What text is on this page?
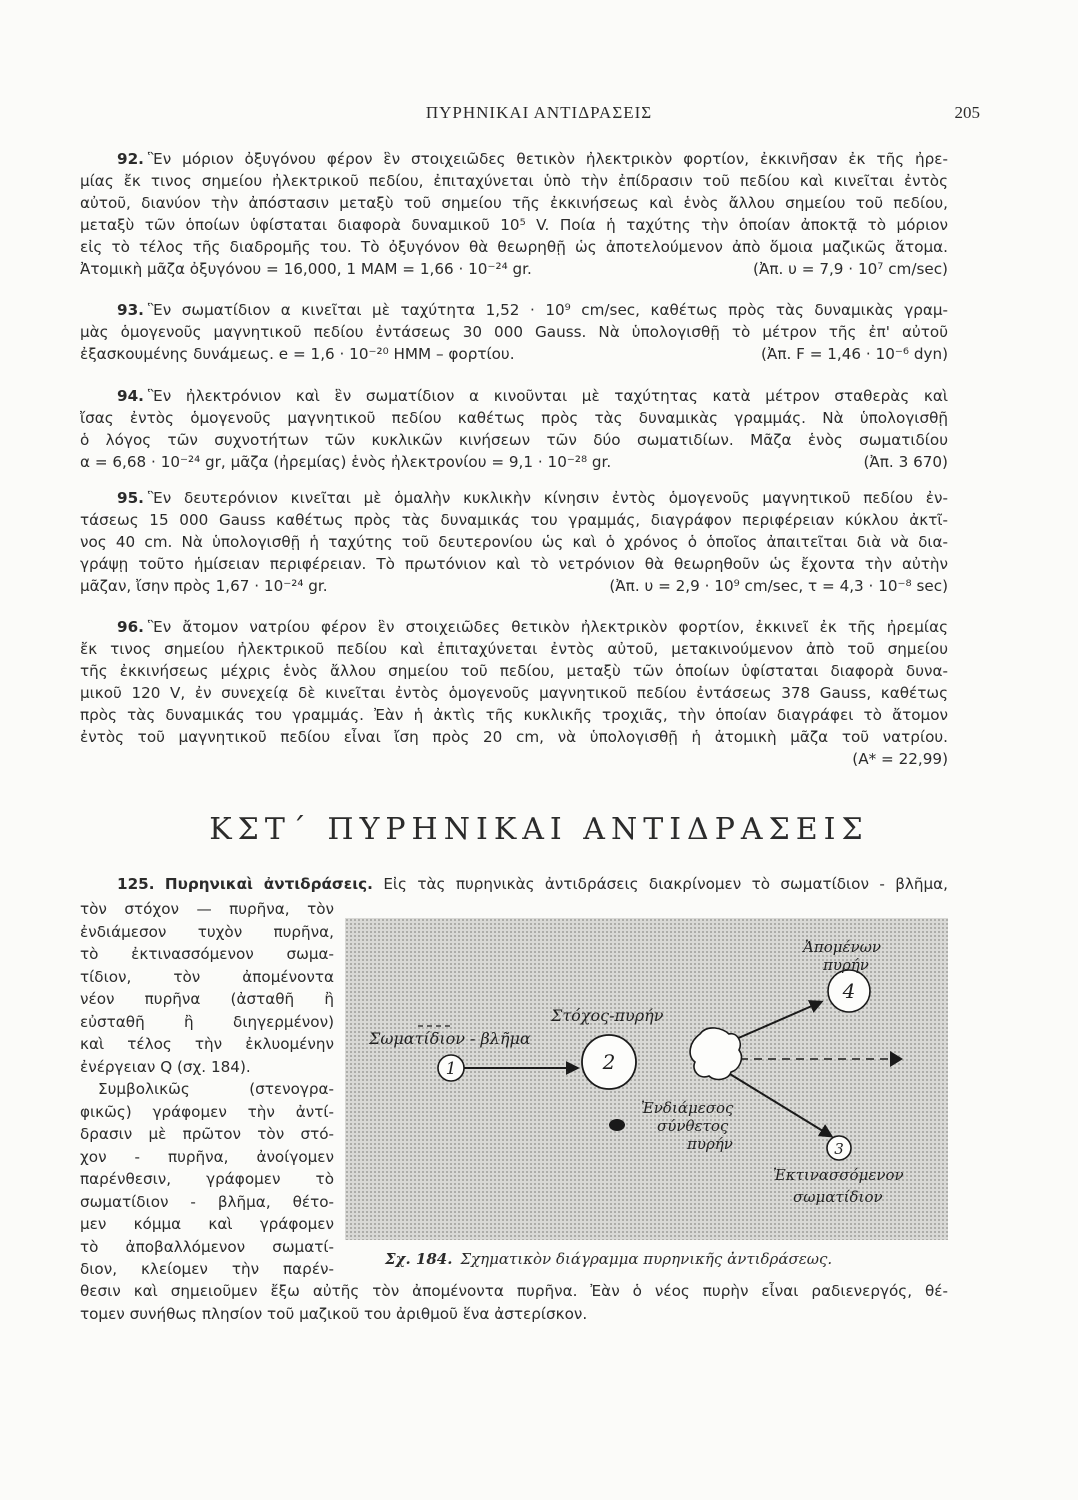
ΠΥΡΗΝΙΚΑΙ ΑΝΤΙΔΡΑΣΕΙΣ	205
92. Ἓν μόριον ὀξυγόνου φέρον ἓν στοιχειῶδες θετικὸν ἠλεκτρικὸν φορτίον, ἐκκινῆσαν ἐκ τῆς ἠρε-
μίας ἔκ τινος σημείου ἠλεκτρικοῦ πεδίου, ἐπιταχύνεται ὑπὸ τὴν ἐπίδρασιν τοῦ πεδίου καὶ κινεῖται ἐντὸς
αὐτοῦ, διανύον τὴν ἀπόστασιν μεταξὺ τοῦ σημείου τῆς ἐκκινήσεως καὶ ἑνὸς ἄλλου σημείου τοῦ πεδίου,
μεταξὺ τῶν ὁποίων ὑφίσταται διαφορὰ δυναμικοῦ 10⁵ V. Ποία ἡ ταχύτης τὴν ὁποίαν ἀποκτᾷ τὸ μόριον
εἰς τὸ τέλος τῆς διαδρομῆς του. Τὸ ὀξυγόνον θὰ θεωρηθῇ ὡς ἀποτελούμενον ἀπὸ ὅμοια μαζικῶς ἄτομα.
Ἀτομικὴ μᾶζα ὀξυγόνου = 16,000, 1 ΜΑΜ = 1,66 · 10⁻²⁴ gr.	(Ἀπ. υ = 7,9 · 10⁷ cm/sec)
93. Ἓν σωματίδιον α κινεῖται μὲ ταχύτητα 1,52 · 10⁹ cm/sec, καθέτως πρὸς τὰς δυναμικὰς γραμ-
μὰς ὁμογενοῦς μαγνητικοῦ πεδίου ἐντάσεως 30 000 Gauss. Νὰ ὑπολογισθῇ τὸ μέτρον τῆς ἐπ' αὐτοῦ
ἐξασκουμένης δυνάμεως. e = 1,6 · 10⁻²⁰ ΗΜΜ – φορτίου.	(Ἀπ. F = 1,46 · 10⁻⁶ dyn)
94. Ἓν ἠλεκτρόνιον καὶ ἓν σωματίδιον α κινοῦνται μὲ ταχύτητας κατὰ μέτρον σταθερὰς καὶ
ἴσας ἐντὸς ὁμογενοῦς μαγνητικοῦ πεδίου καθέτως πρὸς τὰς δυναμικὰς γραμμάς. Νὰ ὑπολογισθῇ
ὁ λόγος τῶν συχνοτήτων τῶν κυκλικῶν κινήσεων τῶν δύο σωματιδίων. Μᾶζα ἑνὸς σωματιδίου
α = 6,68 · 10⁻²⁴ gr, μᾶζα (ἠρεμίας) ἑνὸς ἠλεκτρονίου = 9,1 · 10⁻²⁸ gr.	(Ἀπ. 3 670)
95. Ἓν δευτερόνιον κινεῖται μὲ ὁμαλὴν κυκλικὴν κίνησιν ἐντὸς ὁμογενοῦς μαγνητικοῦ πεδίου ἐν-
τάσεως 15 000 Gauss καθέτως πρὸς τὰς δυναμικάς του γραμμάς, διαγράφον περιφέρειαν κύκλου ἀκτῖ-
νος 40 cm. Νὰ ὑπολογισθῇ ἡ ταχύτης τοῦ δευτερονίου ὡς καὶ ὁ χρόνος ὁ ὁποῖος ἀπαιτεῖται διὰ νὰ δια-
γράψῃ τοῦτο ἡμίσειαν περιφέρειαν. Τὸ πρωτόνιον καὶ τὸ νετρόνιον θὰ θεωρηθοῦν ὡς ἔχοντα τὴν αὐτὴν
μᾶζαν, ἴσην πρὸς 1,67 · 10⁻²⁴ gr.	(Ἀπ. υ = 2,9 · 10⁹ cm/sec, τ = 4,3 · 10⁻⁸ sec)
96. Ἓν ἄτομον νατρίου φέρον ἓν στοιχειῶδες θετικὸν ἠλεκτρικὸν φορτίον, ἐκκινεῖ ἐκ τῆς ἠρεμίας
ἔκ τινος σημείου ἠλεκτρικοῦ πεδίου καὶ ἐπιταχύνεται ἐντὸς αὐτοῦ, μετακινούμενον ἀπὸ τοῦ σημείου
τῆς ἐκκινήσεως μέχρις ἑνὸς ἄλλου σημείου τοῦ πεδίου, μεταξὺ τῶν ὁποίων ὑφίσταται διαφορὰ δυνα-
μικοῦ 120 V, ἐν συνεχείᾳ δὲ κινεῖται ἐντὸς ὁμογενοῦς μαγνητικοῦ πεδίου ἐντάσεως 378 Gauss, καθέτως
πρὸς τὰς δυναμικάς του γραμμάς. Ἐὰν ἡ ἀκτὶς τῆς κυκλικῆς τροχιᾶς, τὴν ὁποίαν διαγράφει τὸ ἄτομον
ἐντὸς τοῦ μαγνητικοῦ πεδίου εἶναι ἴση πρὸς 20 cm, νὰ ὑπολογισθῇ ἡ ἀτομικὴ μᾶζα τοῦ νατρίου.
(Α* = 22,99)
ΚΣΤ΄ ΠΥΡΗΝΙΚΑΙ ΑΝΤΙΔΡΑΣΕΙΣ
125. Πυρηνικαὶ ἀντιδράσεις. Εἰς τὰς πυρηνικὰς ἀντιδράσεις διακρίνομεν τὸ σωματίδιον - βλῆμα,
τὸν στόχον — πυρῆνα, τὸν
ἐνδιάμεσον τυχὸν πυρῆνα,
τὸ ἐκτινασσόμενον σωμα-
τίδιον, τὸν ἀπομένοντα
νέον πυρῆνα (ἀσταθῆ ἢ
εὐσταθῆ ἢ διηγερμένον)
καὶ τέλος τὴν ἐκλυομένην
ἐνέργειαν Q (σχ. 184).
Συμβολικῶς (στενογρα-
φικῶς) γράφομεν τὴν ἀντί-
δρασιν μὲ πρῶτον τὸν στό-
χον - πυρῆνα, ἀνοίγομεν
παρένθεσιν, γράφομεν τὸ
σωματίδιον - βλῆμα, θέτο-
μεν κόμμα καὶ γράφομεν
τὸ ἀποβαλλόμενον σωματί-
διον, κλείομεν τὴν παρέν-
1	2
4
3
Σωματίδιον - βλῆμα
Στόχος-πυρήν
Ἀπομένων
πυρήν
Ἐνδιάμεσος
σύνθετος
πυρήν
Ἐκτινασσόμενον
σωματίδιον
Σχ. 184. Σχηματικὸν διάγραμμα πυρηνικῆς ἀντιδράσεως.
θεσιν καὶ σημειοῦμεν ἔξω αὐτῆς τὸν ἀπομένοντα πυρῆνα. Ἐὰν ὁ νέος πυρὴν εἶναι ραδιενεργός, θέ-
τομεν συνήθως πλησίον τοῦ μαζικοῦ του ἀριθμοῦ ἕνα ἀστερίσκον.
